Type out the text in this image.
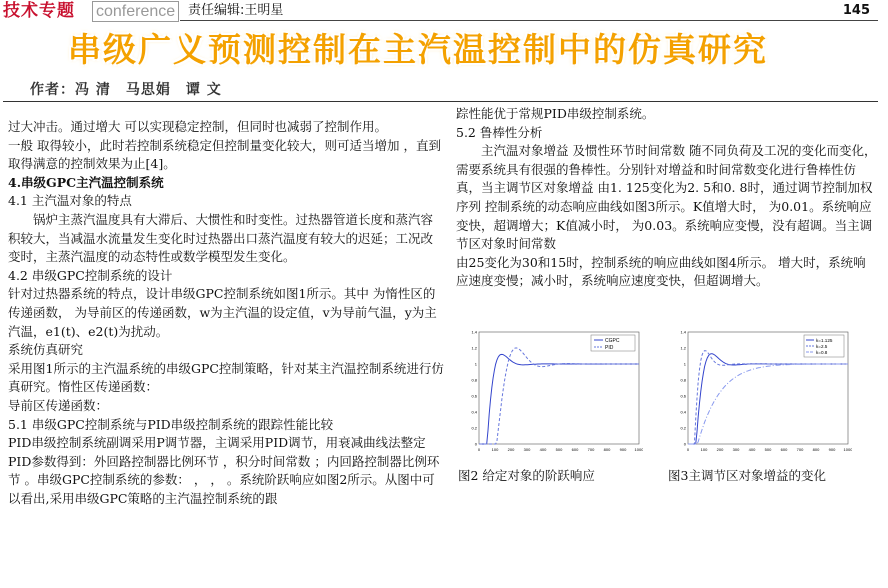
技术专题 conference 责任编辑:王明星	145
串级广义预测控制在主汽温控制中的仿真研究
作者：冯 清　马思娟　谭 文

过大冲击。通过增大 可以实现稳定控制，但同时也减弱了控制作用。

一般 取得较小，此时若控制系统稳定但控制量变化较大，则可适当增加 ，直到取得满意的控制效果为止[4]。

4.串级GPC主汽温控制系统

4.1 主汽温对象的特点

锅炉主蒸汽温度具有大滞后、大惯性和时变性。过热器管道长度和蒸汽容积较大，当减温水流量发生变化时过热器出口蒸汽温度有较大的迟延；工况改变时，主蒸汽温度的动态特性或数学模型发生变化。

4.2 串级GPC控制系统的设计

针对过热器系统的特点，设计串级GPC控制系统如图1所示。其中 为惰性区的传递函数， 为导前区的传递函数，w为主汽温的设定值，v为导前气温，y为主汽温，e1(t)、e2(t)为扰动。

系统仿真研究

采用图1所示的主汽温系统的串级GPC控制策略，针对某主汽温控制系统进行仿真研究。惰性区传递函数：

导前区传递函数：

5.1 串级GPC控制系统与PID串级控制系统的跟踪性能比较

PID串级控制系统副调采用P调节器，主调采用PID调节，用衰减曲线法整定PID参数得到：外回路控制器比例环节 ，积分时间常数 ；内回路控制器比例环节 。串级GPC控制系统的参数： ， ， 。系统阶跃响应如图2所示。从图中可以看出,采用串级GPC策略的主汽温控制系统的跟

踪性能优于常规PID串级控制系统。

5.2 鲁棒性分析

主汽温对象增益 及惯性环节时间常数 随不同负荷及工况的变化而变化，需要系统具有很强的鲁棒性。分别针对增益和时间常数变化进行鲁棒性仿真，当主调节区对象增益 由1. 125变化为2. 5和0. 8时，通过调节控制加权序列 控制系统的动态响应曲线如图3所示。K值增大时， 为0.01。系统响应变快，超调增大；K值减小时， 为0.03。系统响应变慢，没有超调。当主调节区对象时间常数

由25变化为30和15时，控制系统的响应曲线如图4所示。 增大时，系统响应速度变慢；减小时，系统响应速度变快，但超调增大。

0	100 200 300 400 500 600 700 800 900 1000
0
0.2
0.4
0.6
0.8
1
1.2
1.4
CGPC
PID
0	100 200 300 400 500 600 700 800 900 1000
0
0.2
0.4
0.6
0.8
1
1.2
1.4
k=1.125
k=2.5
k=0.8
图2 给定对象的阶跃响应	图3主调节区对象增益的变化
